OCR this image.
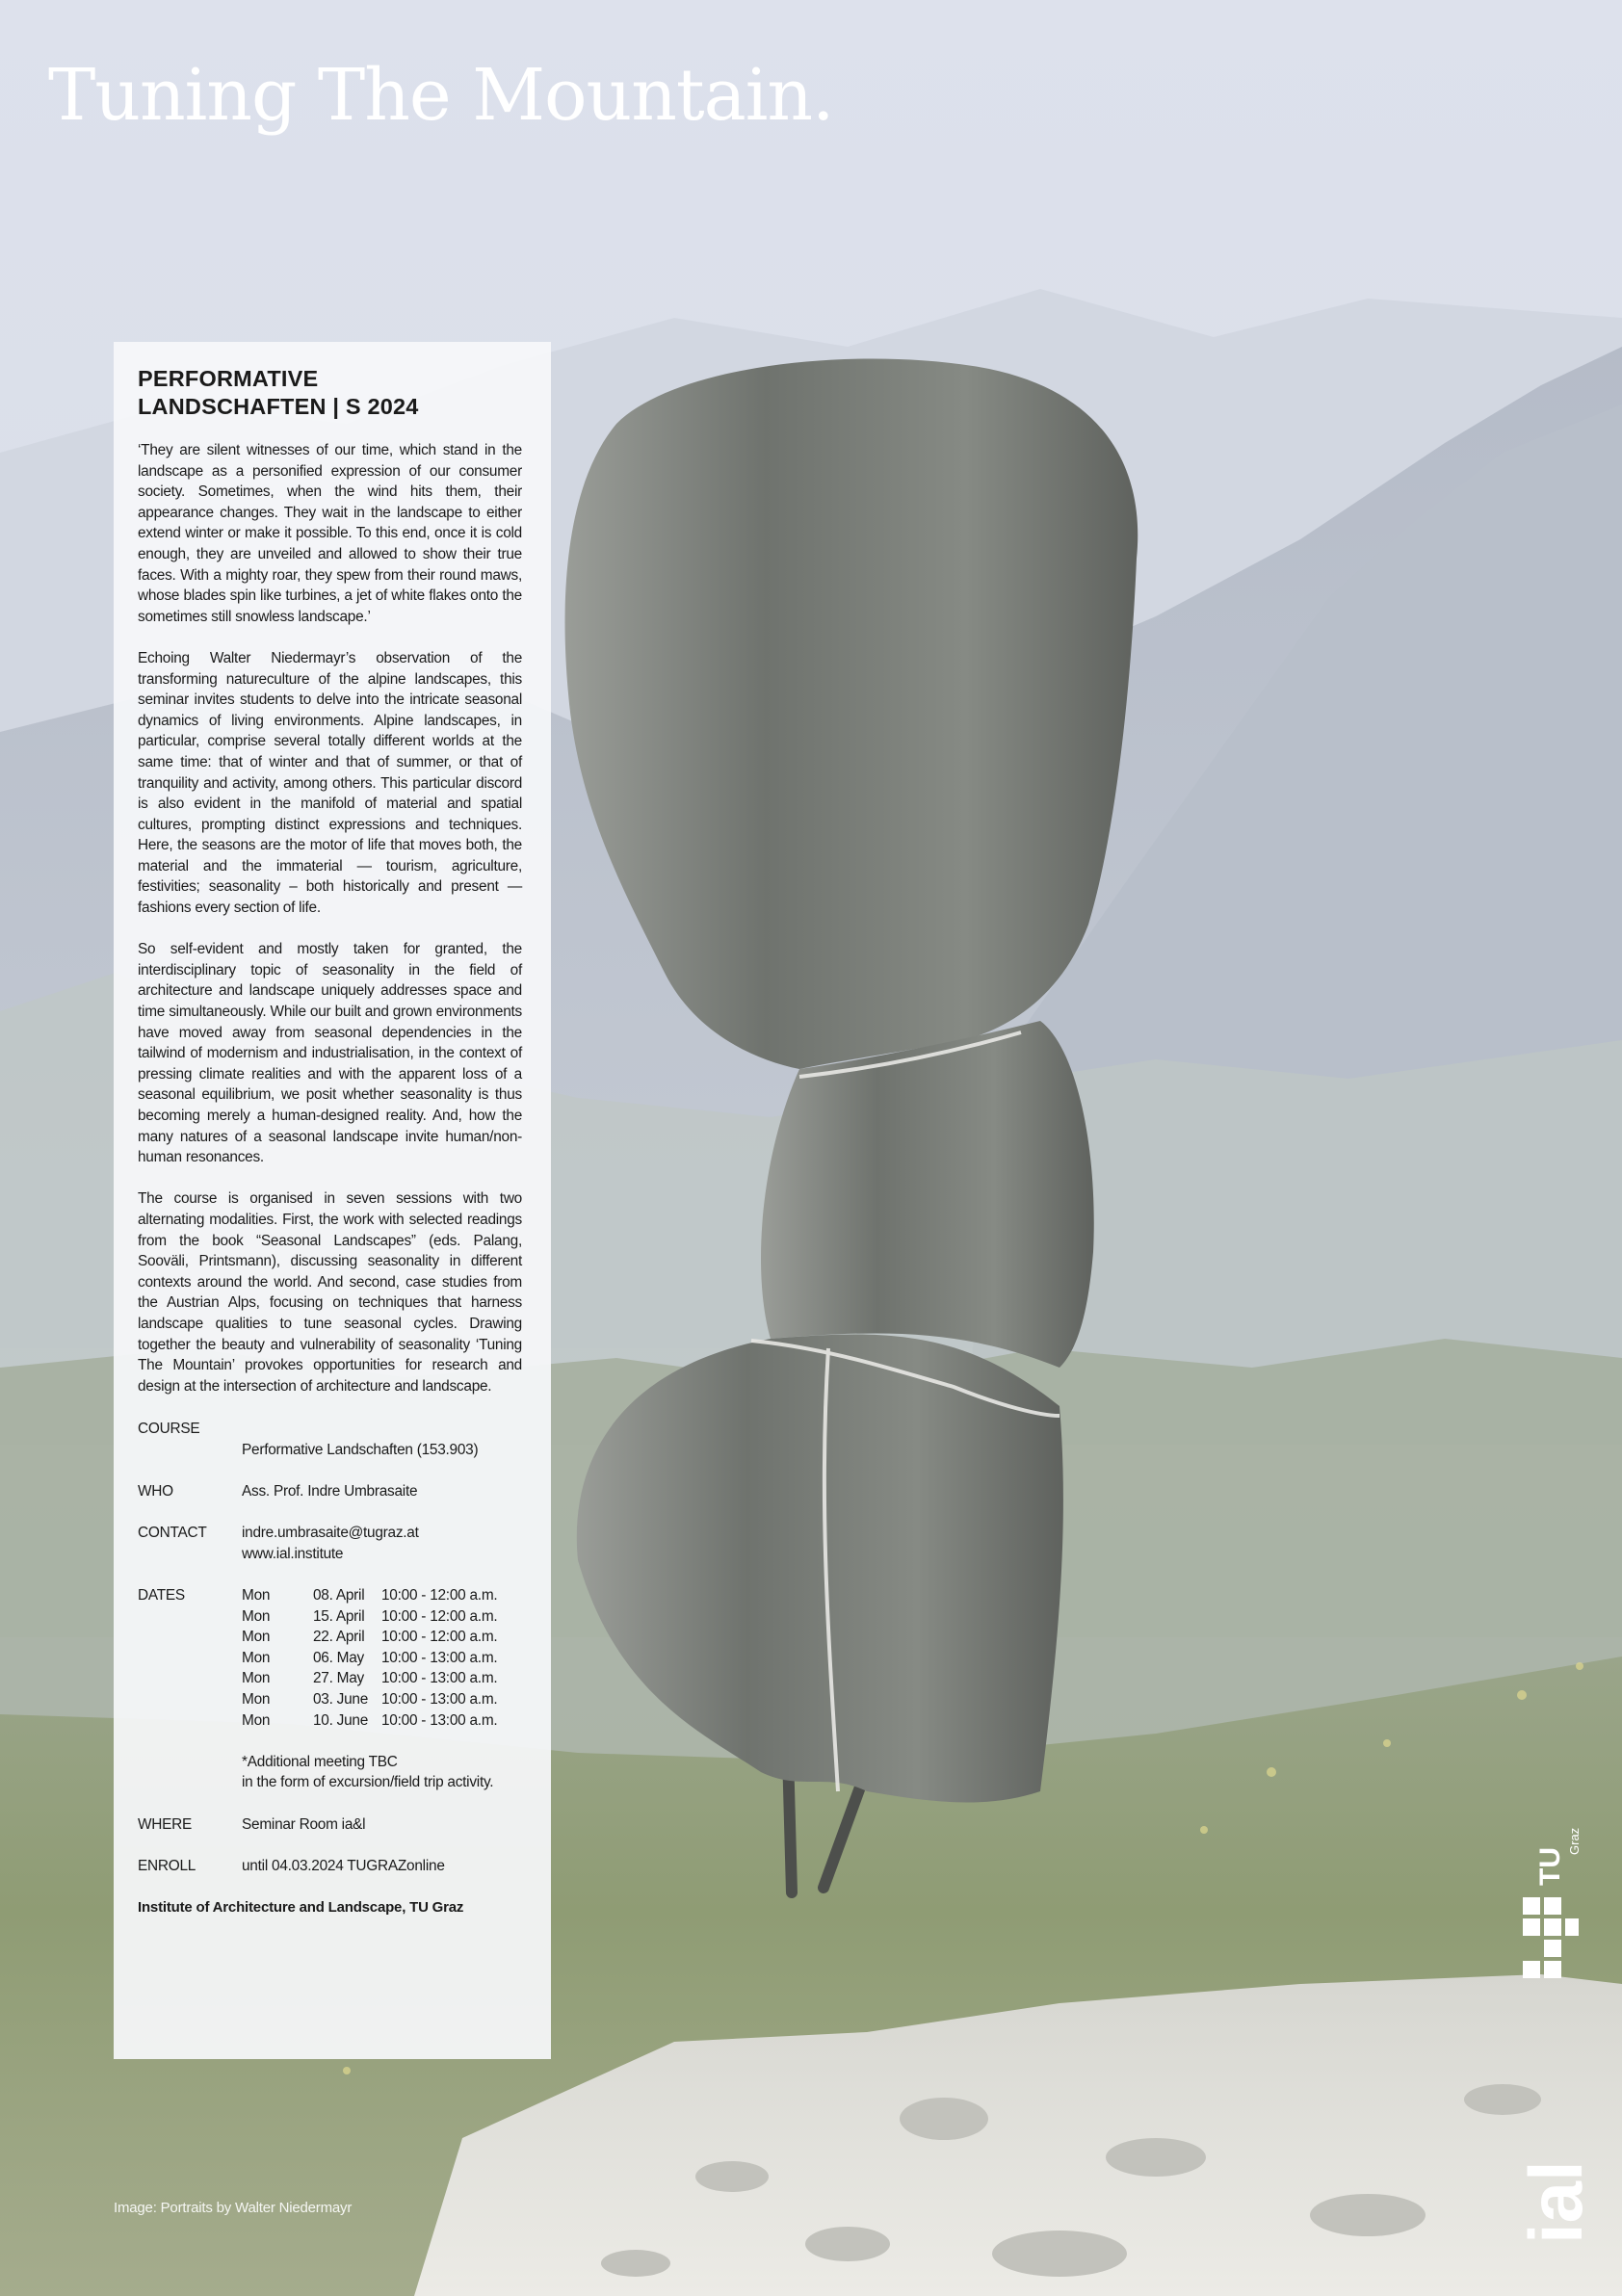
Tuning The Mountain.
PERFORMATIVE
LANDSCHAFTEN | S 2024

‘They are silent witnesses of our time, which stand in the landscape as a personified expression of our consumer society. Sometimes, when the wind hits them, their appearance changes. They wait in the landscape to either extend winter or make it possible. To this end, once it is cold enough, they are unveiled and allowed to show their true faces. With a mighty roar, they spew from their round maws, whose blades spin like turbines, a jet of white flakes onto the sometimes still snowless landscape.’

Echoing Walter Niedermayr’s observation of the transforming natureculture of the alpine landscapes, this seminar invites students to delve into the intricate seasonal dynamics of living environments. Alpine landscapes, in particular, comprise several totally different worlds at the same time: that of winter and that of summer, or that of tranquility and activity, among others. This particular discord is also evident in the manifold of material and spatial cultures, prompting distinct expressions and techniques. Here, the seasons are the motor of life that moves both, the material and the immaterial — tourism, agriculture, festivities; seasonality – both historically and present — fashions every section of life.

So self-evident and mostly taken for granted, the interdisciplinary topic of seasonality in the field of architecture and landscape uniquely addresses space and time simultaneously. While our built and grown environments have moved away from seasonal dependencies in the tailwind of modernism and industrialisation, in the context of pressing climate realities and with the apparent loss of a seasonal equilibrium, we posit whether seasonality is thus becoming merely a human-designed reality. And, how the many natures of a seasonal landscape invite human/non-human resonances.

The course is organised in seven sessions with two alternating modalities. First, the work with selected readings from the book “Seasonal Landscapes” (eds. Palang, Sooväli, Printsmann), discussing seasonality in different contexts around the world. And second, case studies from the Austrian Alps, focusing on techniques that harness landscape qualities to tune seasonal cycles. Drawing together the beauty and vulnerability of seasonality ‘Tuning The Mountain’ provokes opportunities for research and design at the intersection of architecture and landscape.

COURSE
Performative Landschaften (153.903)
WHO	Ass. Prof. Indre Umbrasaite
CONTACT indre.umbrasaite@tugraz.at
www.ial.institute
DATES	Mon	08. April	10:00 - 12:00 a.m.
Mon	15. April	10:00 - 12:00 a.m.
Mon	22. April	10:00 - 12:00 a.m.
Mon	06. May	10:00 - 13:00 a.m.
Mon	27. May	10:00 - 13:00 a.m.
Mon	03. June 10:00 - 13:00 a.m.
Mon	10. June 10:00 - 13:00 a.m.
*Additional meeting TBC
in the form of excursion/field trip activity.
WHERE	Seminar Room ia&l
ENROLL	until 04.03.2024 TUGRAZonline
Institute of Architecture and Landscape, TU Graz
Image: Portraits by Walter Niedermayr
TU
Graz
ial
